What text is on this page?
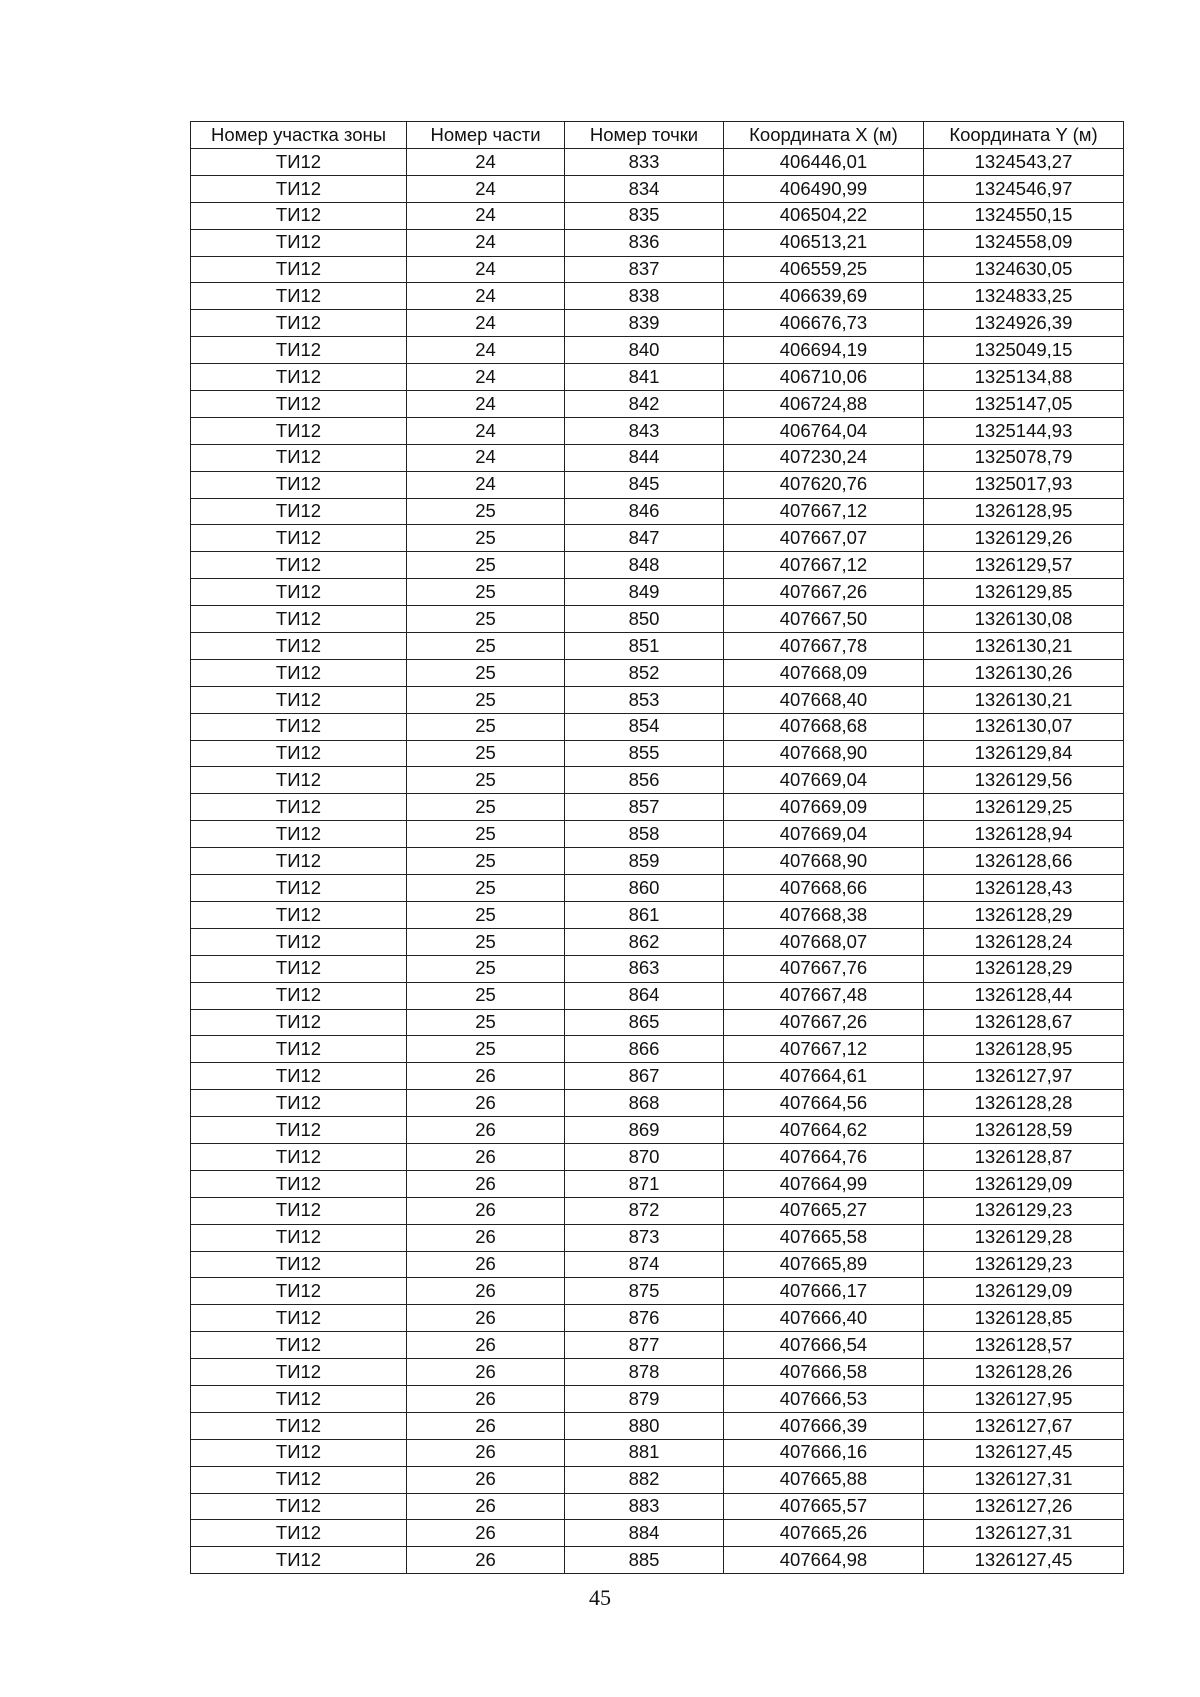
Номер участка зоны	Номер части	Номер точки	Координата X (м)	Координата Y (м)
ТИ12	24	833	406446,01	1324543,27
ТИ12	24	834	406490,99	1324546,97
ТИ12	24	835	406504,22	1324550,15
ТИ12	24	836	406513,21	1324558,09
ТИ12	24	837	406559,25	1324630,05
ТИ12	24	838	406639,69	1324833,25
ТИ12	24	839	406676,73	1324926,39
ТИ12	24	840	406694,19	1325049,15
ТИ12	24	841	406710,06	1325134,88
ТИ12	24	842	406724,88	1325147,05
ТИ12	24	843	406764,04	1325144,93
ТИ12	24	844	407230,24	1325078,79
ТИ12	24	845	407620,76	1325017,93
ТИ12	25	846	407667,12	1326128,95
ТИ12	25	847	407667,07	1326129,26
ТИ12	25	848	407667,12	1326129,57
ТИ12	25	849	407667,26	1326129,85
ТИ12	25	850	407667,50	1326130,08
ТИ12	25	851	407667,78	1326130,21
ТИ12	25	852	407668,09	1326130,26
ТИ12	25	853	407668,40	1326130,21
ТИ12	25	854	407668,68	1326130,07
ТИ12	25	855	407668,90	1326129,84
ТИ12	25	856	407669,04	1326129,56
ТИ12	25	857	407669,09	1326129,25
ТИ12	25	858	407669,04	1326128,94
ТИ12	25	859	407668,90	1326128,66
ТИ12	25	860	407668,66	1326128,43
ТИ12	25	861	407668,38	1326128,29
ТИ12	25	862	407668,07	1326128,24
ТИ12	25	863	407667,76	1326128,29
ТИ12	25	864	407667,48	1326128,44
ТИ12	25	865	407667,26	1326128,67
ТИ12	25	866	407667,12	1326128,95
ТИ12	26	867	407664,61	1326127,97
ТИ12	26	868	407664,56	1326128,28
ТИ12	26	869	407664,62	1326128,59
ТИ12	26	870	407664,76	1326128,87
ТИ12	26	871	407664,99	1326129,09
ТИ12	26	872	407665,27	1326129,23
ТИ12	26	873	407665,58	1326129,28
ТИ12	26	874	407665,89	1326129,23
ТИ12	26	875	407666,17	1326129,09
ТИ12	26	876	407666,40	1326128,85
ТИ12	26	877	407666,54	1326128,57
ТИ12	26	878	407666,58	1326128,26
ТИ12	26	879	407666,53	1326127,95
ТИ12	26	880	407666,39	1326127,67
ТИ12	26	881	407666,16	1326127,45
ТИ12	26	882	407665,88	1326127,31
ТИ12	26	883	407665,57	1326127,26
ТИ12	26	884	407665,26	1326127,31
ТИ12	26	885	407664,98	1326127,45
45
